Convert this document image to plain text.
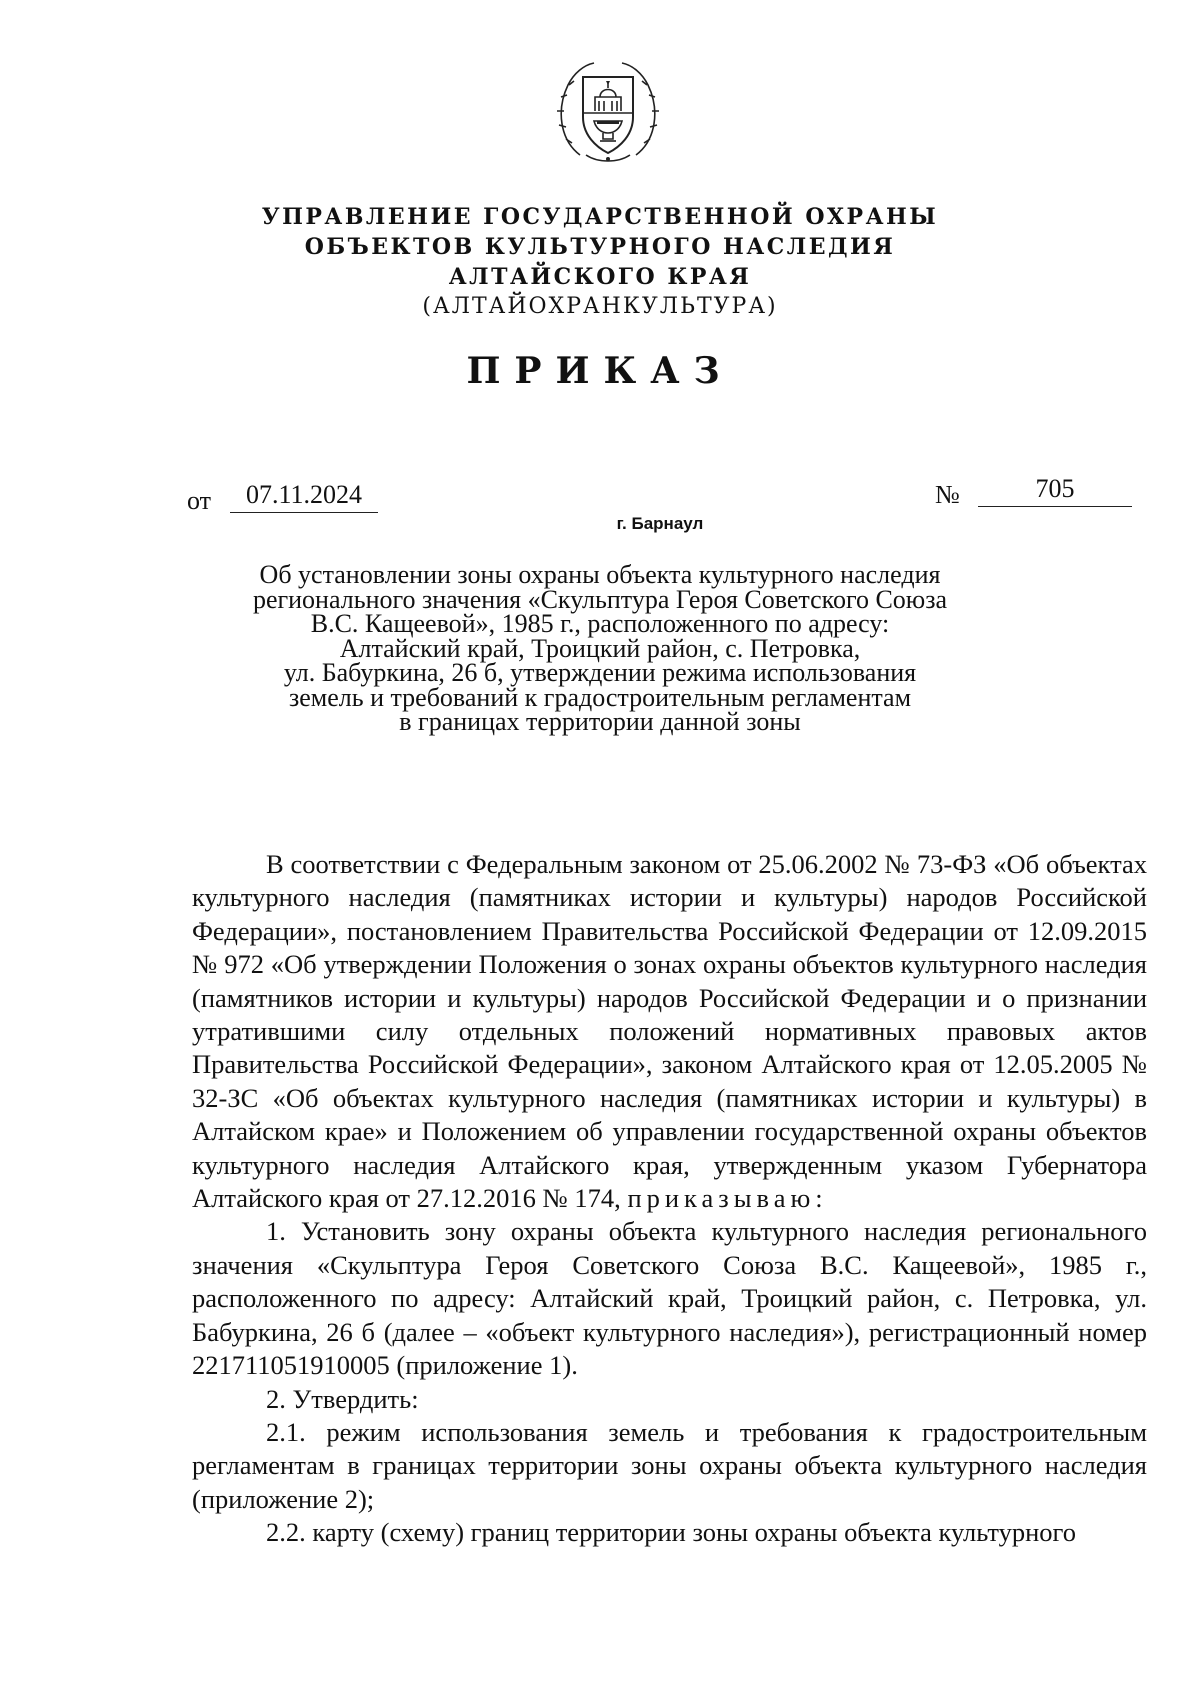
УПРАВЛЕНИЕ ГОСУДАРСТВЕННОЙ ОХРАНЫ
ОБЪЕКТОВ КУЛЬТУРНОГО НАСЛЕДИЯ
АЛТАЙСКОГО КРАЯ
(АЛТАЙОХРАНКУЛЬТУРА)
ПРИКАЗ
от	07.11.2024	№	705
г. Барнаул
Об установлении зоны охраны объекта культурного наследия
регионального значения «Скульптура Героя Советского Союза
В.С. Кащеевой», 1985 г., расположенного по адресу:
Алтайский край, Троицкий район, с. Петровка,
ул. Бабуркина, 26 б, утверждении режима использования
земель и требований к градостроительным регламентам
в границах территории данной зоны

В соответствии с Федеральным законом от 25.06.2002 № 73-ФЗ «Об объектах культурного наследия (памятниках истории и культуры) народов Российской Федерации», постановлением Правительства Российской Федерации от 12.09.2015 № 972 «Об утверждении Положения о зонах охраны объектов культурного наследия (памятников истории и культуры) народов Российской Федерации и о признании утратившими силу отдельных положений нормативных правовых актов Правительства Российской Федерации», законом Алтайского края от 12.05.2005 № 32-ЗС «Об объектах культурного наследия (памятниках истории и культуры) в Алтайском крае» и Положением об управлении государственной охраны объектов культурного наследия Алтайского края, утвержденным указом Губернатора Алтайского края от 27.12.2016 № 174, приказываю:

1. Установить зону охраны объекта культурного наследия регионального значения «Скульптура Героя Советского Союза В.С. Кащеевой», 1985 г., расположенного по адресу: Алтайский край, Троицкий район, с. Петровка, ул. Бабуркина, 26 б (далее – «объект культурного наследия»), регистрационный номер 221711051910005 (приложение 1).

2. Утвердить:

2.1. режим использования земель и требования к градостроительным регламентам в границах территории зоны охраны объекта культурного наследия (приложение 2);

2.2. карту (схему) границ территории зоны охраны объекта культурного
